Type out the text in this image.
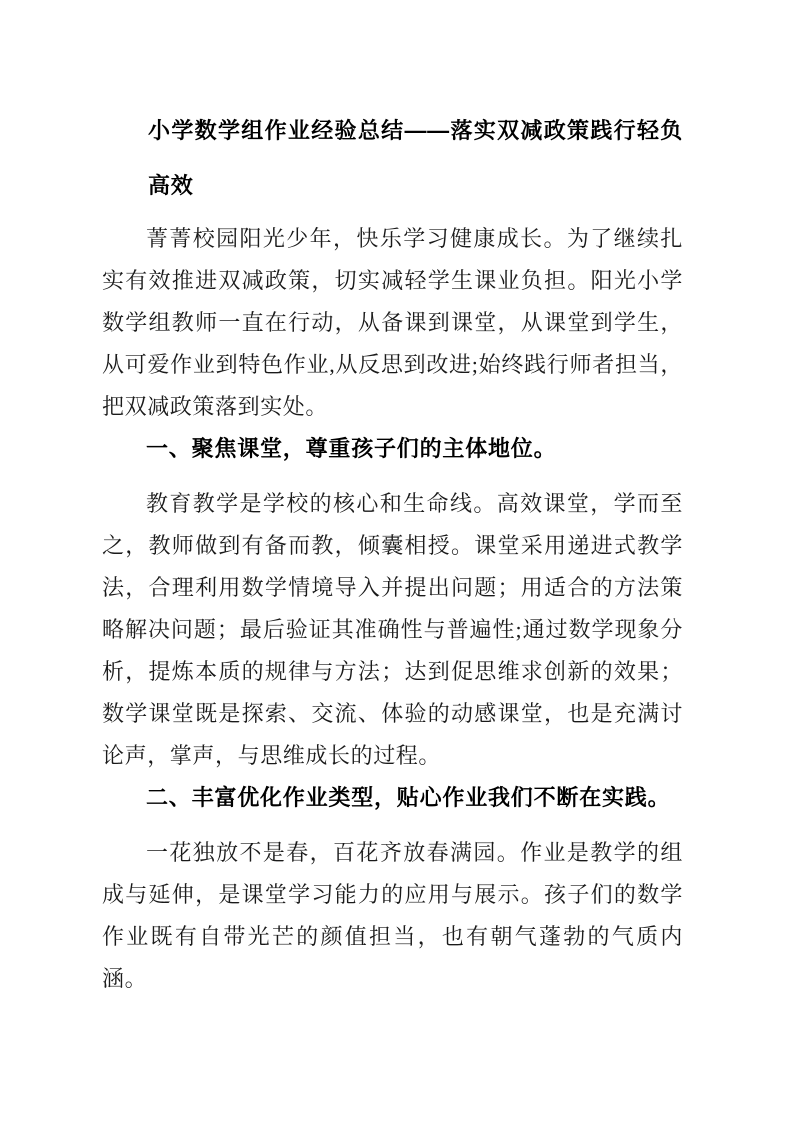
小学数学组作业经验总结——落实双减政策践行轻负高效

菁菁校园阳光少年，快乐学习健康成长。为了继续扎实有效推进双减政策，切实减轻学生课业负担。阳光小学数学组教师一直在行动，从备课到课堂，从课堂到学生，从可爱作业到特色作业,从反思到改进;始终践行师者担当，把双减政策落到实处。

一、聚焦课堂，尊重孩子们的主体地位。

教育教学是学校的核心和生命线。高效课堂，学而至之，教师做到有备而教，倾囊相授。课堂采用递进式教学法，合理利用数学情境导入并提出问题；用适合的方法策略解决问题；最后验证其准确性与普遍性;通过数学现象分析，提炼本质的规律与方法；达到促思维求创新的效果；数学课堂既是探索、交流、体验的动感课堂，也是充满讨论声，掌声，与思维成长的过程。

二、丰富优化作业类型，贴心作业我们不断在实践。

一花独放不是春，百花齐放春满园。作业是教学的组成与延伸，是课堂学习能力的应用与展示。孩子们的数学作业既有自带光芒的颜值担当，也有朝气蓬勃的气质内涵。
